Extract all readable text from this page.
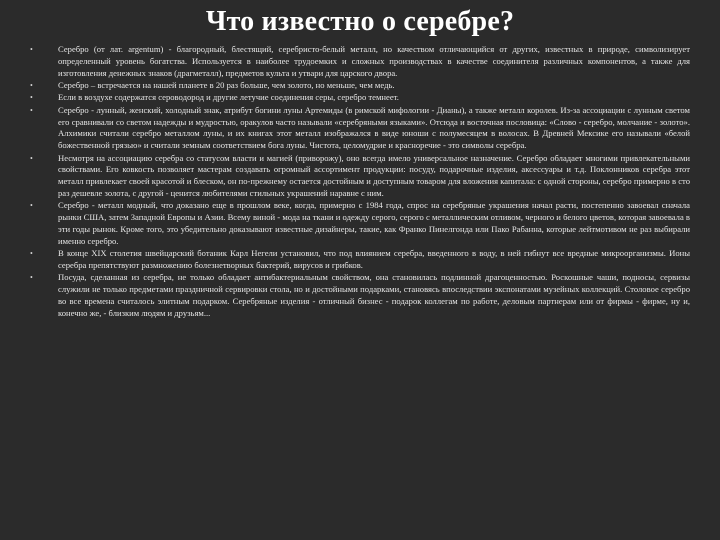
Что известно о серебре?
•	Серебро (от лат. argentum) - благородный, блестящий, серебристо-белый металл, но качеством отличающийся от других, известных в природе, символизирует определенный уровень богатства. Используется в наиболее трудоемких и сложных производствах в качестве соединителя различных компонентов, а также для изготовления денежных знаков (драгметалл), предметов культа и утвари для царского двора.
•	Серебро – встречается на нашей планете в 20 раз больше, чем золото, но меньше, чем медь.
•	Если в воздухе содержатся сероводород и другие летучие соединения серы, серебро темнеет.
•	Серебро - лунный, женский, холодный знак, атрибут богини луны Артемиды (в римской мифологии - Дианы), а также металл королев. Из-за ассоциации с лунным светом его сравнивали со светом надежды и мудростью, оракулов часто называли «серебряными языками». Отсюда и восточная пословица: «Слово - серебро, молчание - золото». Алхимики считали серебро металлом луны, и их книгах этот металл изображался в виде юноши с полумесяцем в волосах. В Древней Мексике его называли «белой божественной грязью» и считали земным соответствием бога луны. Чистота, целомудрие и красноречие - это символы серебра.
•	Несмотря на ассоциацию серебра со статусом власти и магией (приворожу), оно всегда имело универсальное назначение. Серебро обладает многими привлекательными свойствами. Его ковкость позволяет мастерам создавать огромный ассортимент продукции: посуду, подарочные изделия, аксессуары и т.д. Поклонников серебра этот металл привлекает своей красотой и блеском, он по-прежнему остается достойным и доступным товаром для вложения капитала: с одной стороны, серебро примерно в сто раз дешевле золота, с другой - ценится любителями стильных украшений наравне с ним.
•	Серебро - металл модный, что доказано еще в прошлом веке, когда, примерно с 1984 года, спрос на серебряные украшения начал расти, постепенно завоевал сначала рынки США, затем Западной Европы и Азии. Всему виной - мода на ткани и одежду серого, серого с металлическим отливом, черного и белого цветов, которая завоевала в эти годы рынок. Кроме того, это убедительно доказывают известные дизайнеры, такие, как Франко Пинелгонда или Пако Рабанна, которые лейтмотивом не раз выбирали именно серебро.
•	В конце XIX столетия швейцарский ботаник Карл Негели установил, что под влиянием серебра, введенного в воду, в ней гибнут все вредные микроорганизмы. Ионы серебра препятствуют размножению болезнетворных бактерий, вирусов и грибков.
•	Посуда, сделанная из серебра, не только обладает антибактериальным свойством, она становилась подлинной драгоценностью. Роскошные чаши, подносы, сервизы служили не только предметами праздничной сервировки стола, но и достойными подарками, становясь впоследствии экспонатами музейных коллекций. Столовое серебро во все времена считалось элитным подарком. Серебряные изделия - отличный бизнес - подарок коллегам по работе, деловым партнерам или от фирмы - фирме, ну и, конечно же, - близким людям и друзьям...
